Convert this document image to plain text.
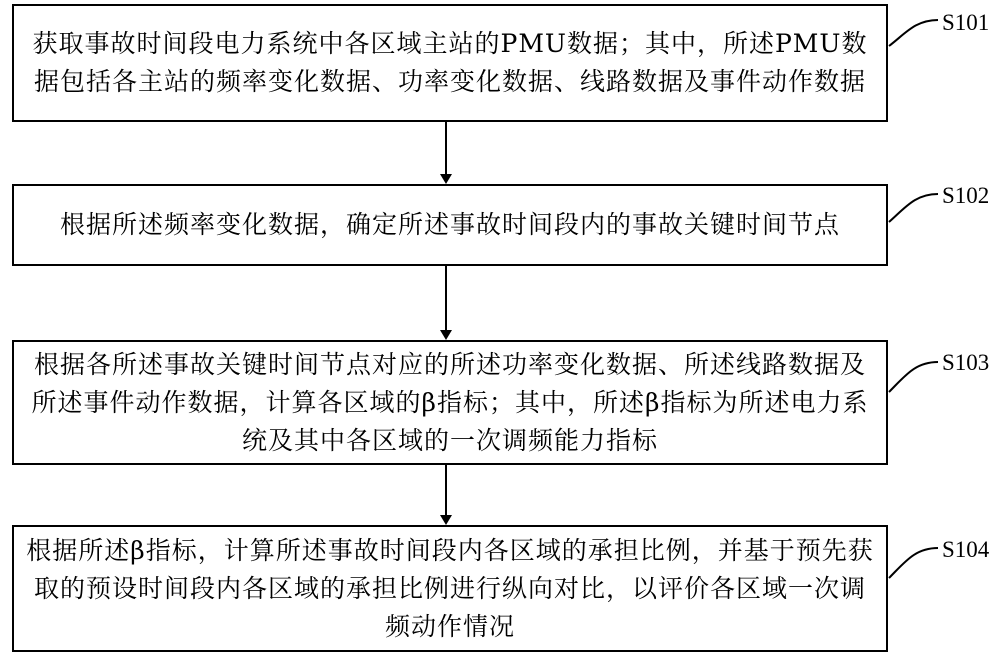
获取事故时间段电力系统中各区域主站的PMU数据；其中，所述PMU数据包括各主站的频率变化数据、功率变化数据、线路数据及事件动作数据
根据所述频率变化数据，确定所述事故时间段内的事故关键时间节点
根据各所述事故关键时间节点对应的所述功率变化数据、所述线路数据及所述事件动作数据，计算各区域的β指标；其中，所述β指标为所述电力系统及其中各区域的一次调频能力指标
根据所述β指标，计算所述事故时间段内各区域的承担比例，并基于预先获取的预设时间段内各区域的承担比例进行纵向对比，以评价各区域一次调频动作情况
S101
S102
S103
S104
